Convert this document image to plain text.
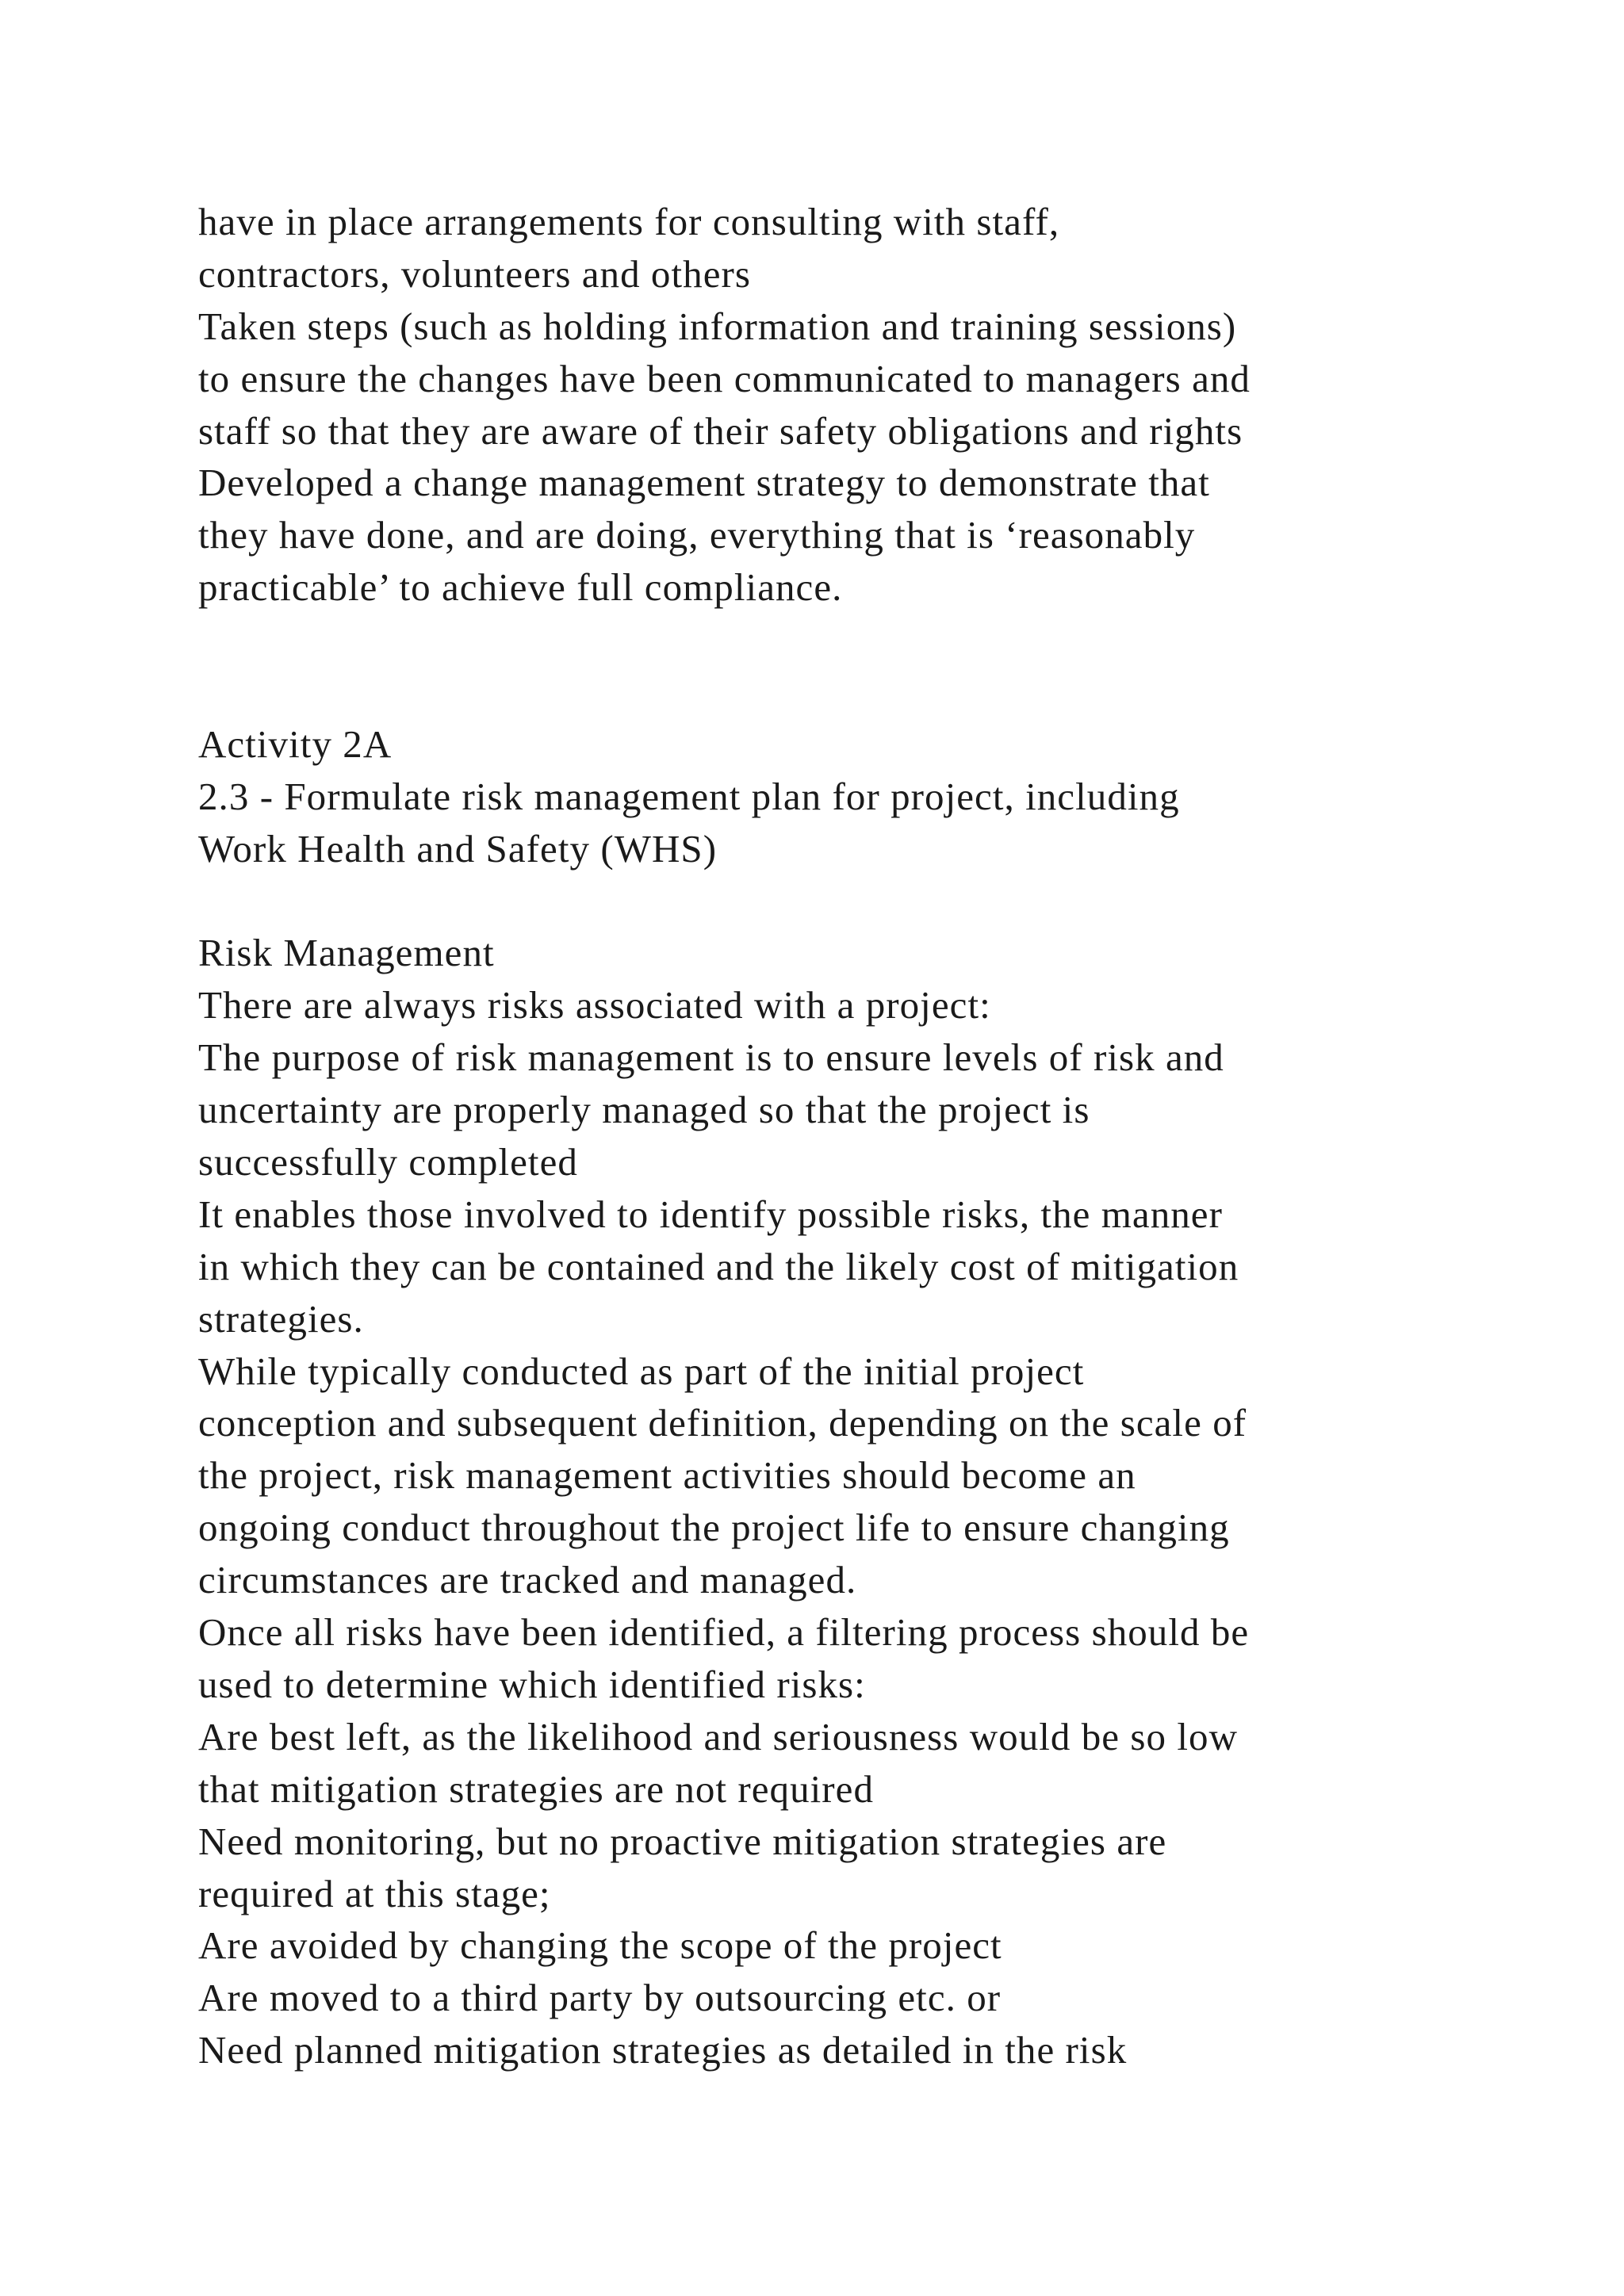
have in place arrangements for consulting with staff,
contractors, volunteers and others
Taken steps (such as holding information and training sessions)
to ensure the changes have been communicated to managers and
staff so that they are aware of their safety obligations and rights
Developed a change management strategy to demonstrate that
they have done, and are doing, everything that is ‘reasonably
practicable’ to achieve full compliance.
Activity 2A
2.3 - Formulate risk management plan for project, including
Work Health and Safety (WHS)
Risk Management
There are always risks associated with a project:
The purpose of risk management is to ensure levels of risk and
uncertainty are properly managed so that the project is
successfully completed
It enables those involved to identify possible risks, the manner
in which they can be contained and the likely cost of mitigation
strategies.
While typically conducted as part of the initial project
conception and subsequent definition, depending on the scale of
the project, risk management activities should become an
ongoing conduct throughout the project life to ensure changing
circumstances are tracked and managed.
Once all risks have been identified, a filtering process should be
used to determine which identified risks:
Are best left, as the likelihood and seriousness would be so low
that mitigation strategies are not required
Need monitoring, but no proactive mitigation strategies are
required at this stage;
Are avoided by changing the scope of the project
Are moved to a third party by outsourcing etc. or
Need planned mitigation strategies as detailed in the risk
